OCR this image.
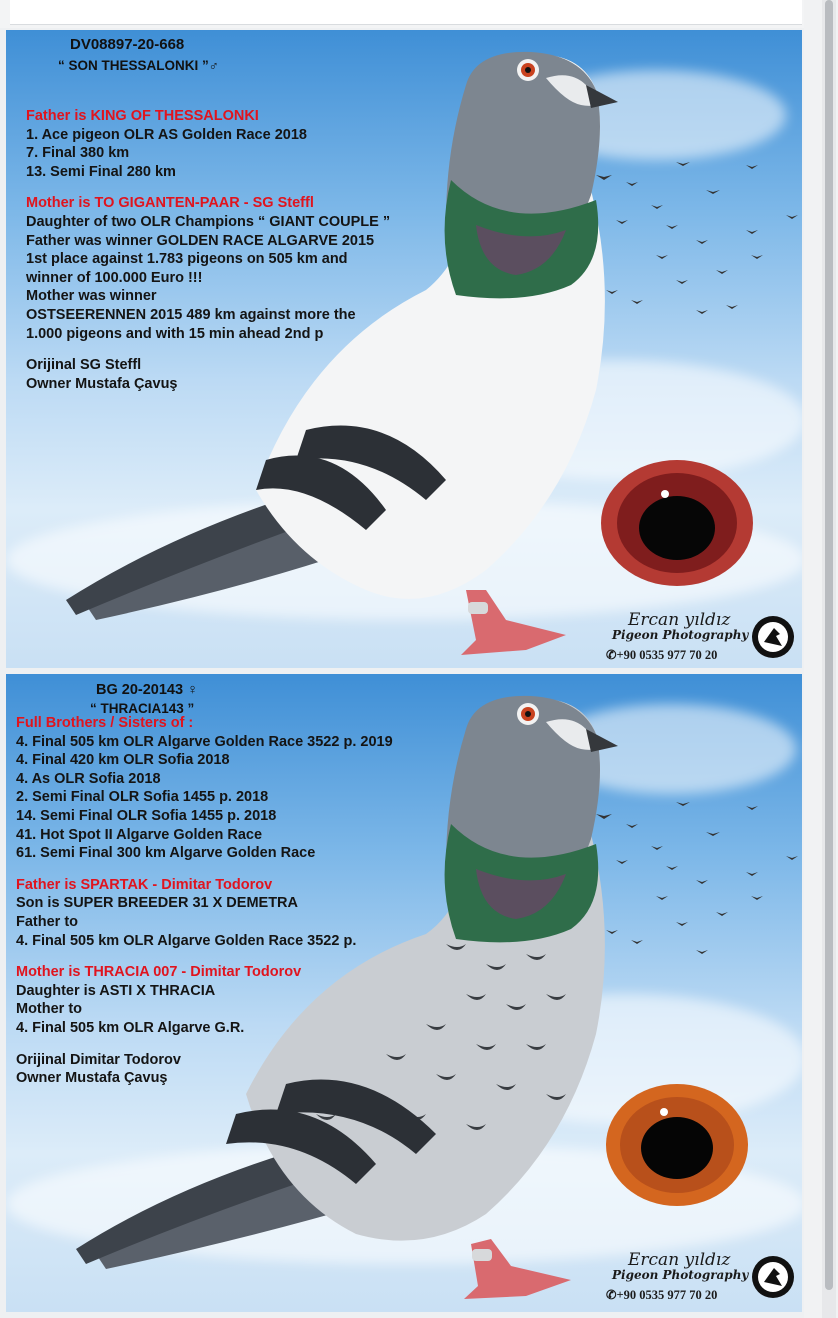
DV08897-20-668
“ SON THESSALONKI ”♂
Father is KING OF THESSALONKI
1. Ace pigeon OLR AS Golden Race 2018
7. Final 380 km
13. Semi Final 280 km
Mother is TO GIGANTEN-PAAR - SG Steffl
Daughter of two OLR Champions “ GIANT COUPLE ”
Father was winner GOLDEN RACE ALGARVE 2015
1st place against 1.783 pigeons on 505 km and
winner of 100.000 Euro !!!
Mother was winner
OSTSEERENNEN 2015 489 km against more the
1.000 pigeons and with 15 min ahead 2nd p
Orijinal SG Steffl
Owner Mustafa Çavuş
Ercan yıldız
Pigeon Photography
✆+90 0535 977 70 20
BG 20-20143 ♀
“ THRACIA143 ”
Full Brothers / Sisters of :
4. Final 505 km OLR Algarve Golden Race 3522 p. 2019
4. Final 420 km OLR Sofia 2018
4. As OLR Sofia 2018
2. Semi Final OLR Sofia 1455 p. 2018
14. Semi Final OLR Sofia 1455 p. 2018
41. Hot Spot II Algarve Golden Race
61. Semi Final 300 km Algarve Golden Race
Father is SPARTAK - Dimitar Todorov
Son is SUPER BREEDER 31 X DEMETRA
Father to
4. Final 505 km OLR Algarve Golden Race 3522 p.
Mother is THRACIA 007 - Dimitar Todorov
Daughter is ASTI X THRACIA
Mother to
4. Final 505 km OLR Algarve G.R.
Orijinal Dimitar Todorov
Owner Mustafa Çavuş
Ercan yıldız
Pigeon Photography
✆+90 0535 977 70 20
